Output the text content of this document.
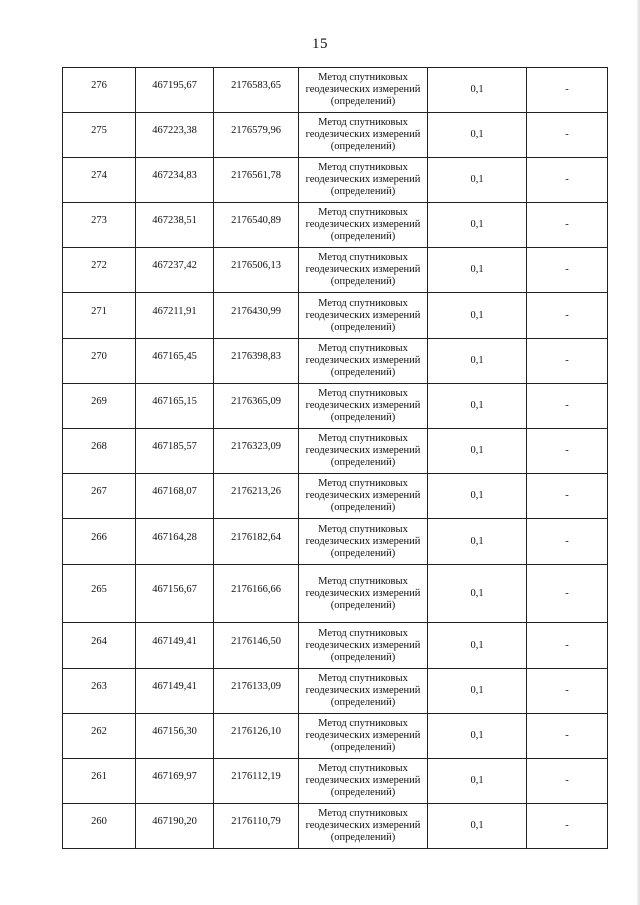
15
276	467195,67	2176583,65	Метод спутниковых геодезических измерений (определений)	0,1	-

275	467223,38	2176579,96	Метод спутниковых геодезических измерений (определений)	0,1	-

274	467234,83	2176561,78	Метод спутниковых геодезических измерений (определений)	0,1	-

273	467238,51	2176540,89	Метод спутниковых геодезических измерений (определений)	0,1	-

272	467237,42	2176506,13	Метод спутниковых геодезических измерений (определений)	0,1	-

271	467211,91	2176430,99	Метод спутниковых геодезических измерений (определений)	0,1	-

270	467165,45	2176398,83	Метод спутниковых геодезических измерений (определений)	0,1	-

269	467165,15	2176365,09	Метод спутниковых геодезических измерений (определений)	0,1	-

268	467185,57	2176323,09	Метод спутниковых геодезических измерений (определений)	0,1	-

267	467168,07	2176213,26	Метод спутниковых геодезических измерений (определений)	0,1	-

266	467164,28	2176182,64	Метод спутниковых геодезических измерений (определений)	0,1	-

265	467156,67	2176166,66	Метод спутниковых геодезических измерений (определений)	0,1	-

264	467149,41	2176146,50	Метод спутниковых геодезических измерений (определений)	0,1	-

263	467149,41	2176133,09	Метод спутниковых геодезических измерений (определений)	0,1	-

262	467156,30	2176126,10	Метод спутниковых геодезических измерений (определений)	0,1	-

261	467169,97	2176112,19	Метод спутниковых геодезических измерений (определений)	0,1	-

260	467190,20	2176110,79	Метод спутниковых геодезических измерений (определений)	0,1	-
